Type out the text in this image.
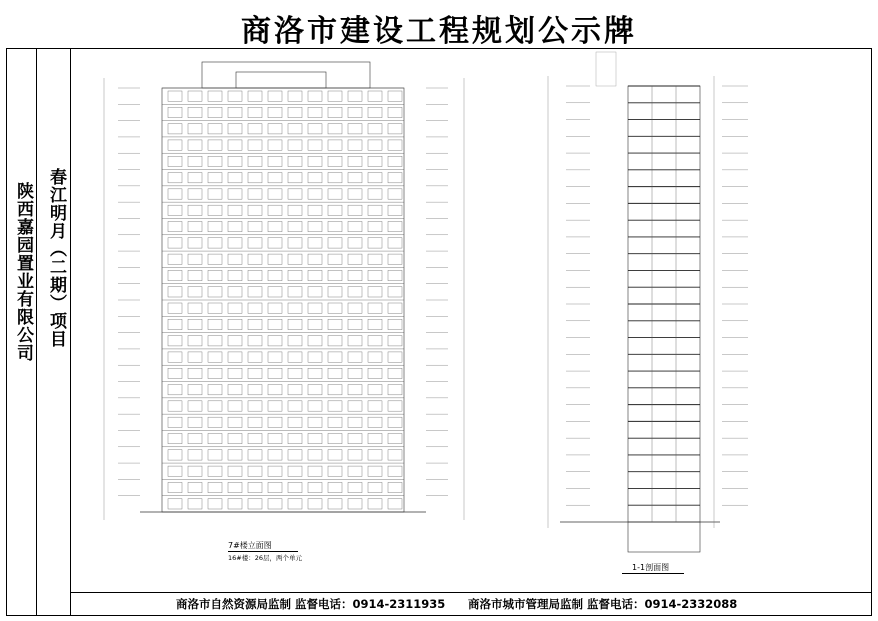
商洛市建设工程规划公示牌
陕西嘉园置业有限公司 春江明月（二期）项目
7#楼立面图
16#楼：26层，两个单元
1-1剖面图
商洛市自然资源局监制 监督电话：0914-2311935 商洛市城市管理局监制 监督电话：0914-2332088
